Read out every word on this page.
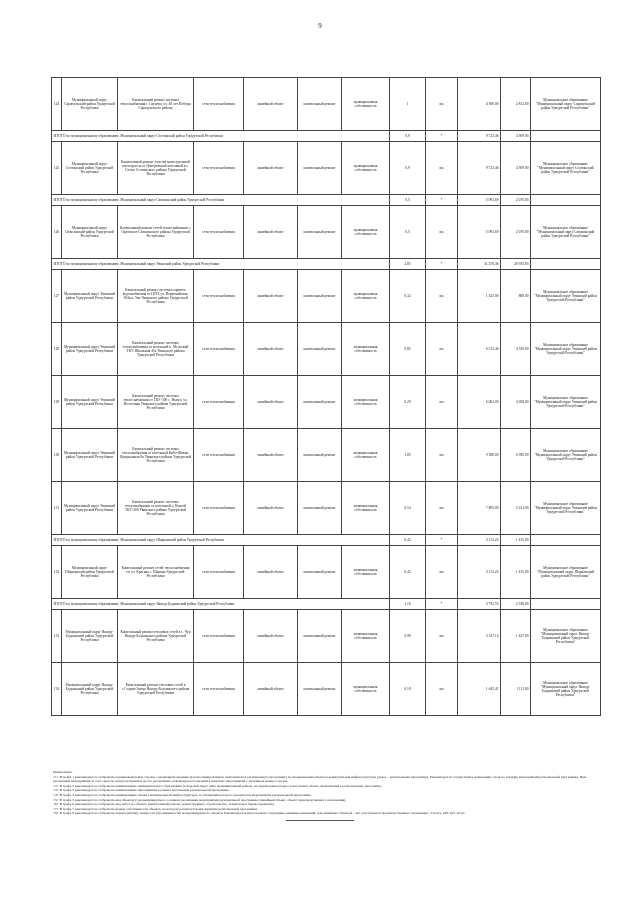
9
124	Муниципальный округ Сарапульский район Удмуртской Республики	Капитальный ремонт системы теплоснабжения г. Сигаево, ул. 40 лет Победы Сарапульского района	сети теплоснабжения	линейный объект	капитальный ремонт	муниципальная собственность	1	км	4 500,00	2 812,00	Муниципальное образование "Муниципальный округ Сарапульский район Удмуртской Республики"
ИТОГО по муниципальному образованию: Муниципальный округ Селтинский район Удмуртской Республики							0,9	*	9 723,46	4 509,00	
125	Муниципальный округ Селтинский район Удмуртской Республики	Капитальный ремонт участка магистральной теплотрассы от Центральной котельной в с. Селты Селтинского района Удмуртской Республики	сети теплоснабжения	линейный объект	капитальный ремонт	муниципальная собственность	0,9	км	9 723,46	4 509,00	Муниципальное образование "Муниципальный округ Селтинский район Удмуртской Республики"
ИТОГО по муниципальному образованию: Муниципальный округ Сюмсинский район Удмуртской Республики							0,5	*	5 093,69	2 070,00	
126	Муниципальный округ Сюмсинский район Удмуртской Республики	Капитальный ремонт сетей теплоснабжения с. Орловское Сюмсинского района Удмуртской Республики	сети теплоснабжения	линейный объект	капитальный ремонт	муниципальная собственность	0,5	км	5 093,69	2 070,00	Муниципальное образование "Муниципальный округ Сюмсинский район Удмуртской Республики"
ИТОГО по муниципальному образованию: Муниципальный округ Увинский район Удмуртской Республики							2,85	*	31 276,46	20 935,00	
127	Муниципальный округ Увинский район Удмуртской Республики	Капитальный ремонт системы горячего водоснабжения от ЦТП, ул. Первомайская, 104а п. Ува Увинского района Удмуртской Республики	сети теплоснабжения	линейный объект	капитальный ремонт	муниципальная собственность	0,32	км	1 325,00	888,00	Муниципальное образование "Муниципальный округ Увинский район Удмуртской Республики"
128	Муниципальный округ Увинский район Удмуртской Республики	Капитальный ремонт системы теплоснабжения от котельной ч. Мульский ТКУ, Школьная 45а Увинского района Удмуртской Республики	сети теплоснабжения	линейный объект	капитальный ремонт	муниципальная собственность	0,85	км	6 513,46	4 350,00	Муниципальное образование "Муниципальный округ Увинский район Удмуртской Республики"
129	Муниципальный округ Увинский район Удмуртской Республики	Капитальный ремонт системы теплоснабжения от ТКУ-300 с. Нылга, ул. Восточная Увинского района Удмуртской Республики	сети теплоснабжения	линейный объект	капитальный ремонт	муниципальная собственность	0,29	км	6 062,00	4 058,00	Муниципальное образование "Муниципальный округ Увинский район Удмуртской Республики"
130	Муниципальный округ Увинский район Удмуртской Республики	Капитальный ремонт системы теплоснабжения от котельной Кибо-Жикья, Центральная 8а Увинского района Удмуртской Республики	сети теплоснабжения	линейный объект	капитальный ремонт	муниципальная собственность	1,85	км	9 580,00	6 390,00	Муниципальное образование "Муниципальный округ Увинский район Удмуртской Республики"
131	Муниципальный округ Увинский район Удмуртской Республики	Капитальный ремонт системы теплоснабжения от котельной д. Кунгей ТКУ-200 Увинского района Удмуртской Республики	сети теплоснабжения	линейный объект	капитальный ремонт	муниципальная собственность	0,54	км	7 805,00	5 221,00	Муниципальное образование "Муниципальный округ Увинский район Удмуртской Республики"
ИТОГО по муниципальному образованию: Муниципальный округ Шарканский район Удмуртской Республики							0,45	*	2 115,24	1 415,00	
132	Муниципальный округ Шарканский район Удмуртской Республики	Капитальный ремонт сетей теплоснабжения по ул. Красная с. Шаркан Удмуртской Республики	сети теплоснабжения	линейный объект	капитальный ремонт	муниципальная собственность	0,45	км	2 115,24	1 415,00	Муниципальное образование "Муниципальный округ Шарканский район Удмуртской Республики"
ИТОГО по муниципальному образованию: Муниципальный округ Якшур-Бодьинский район Удмуртской Республики							1,16	*	3 792,55	2 538,00	
133	Муниципальный округ Якшур-Бодьинский район Удмуртской Республики	Капитальный ремонт тепловых сетей в с. Чур Якшур-Бодьинского района Удмуртской Республики	сети теплоснабжения	линейный объект	капитальный ремонт	муниципальная собственность	0,98	км	2 147,14	1 427,00	Муниципальное образование "Муниципальный округ Якшур-Бодьинский район Удмуртской Республики"
134	Муниципальный округ Якшур-Бодьинский район Удмуртской Республики	Капитальный ремонт тепловых сетей в с.Старые Зятцы Якшур-Бодьинского района Удмуртской Республики	сети теплоснабжения	линейный объект	капитальный ремонт	муниципальная собственность	0,18	км	1 645,41	1 111,00	Муниципальное образование "Муниципальный округ Якшур-Бодьинский район Удмуртской Республики"

Примечание:

<1> В графе 1 рекомендуется отображать порядковый номер строки, содержащей сведения (в консолидированном, включенном в региональную программу) по модернизации объектов коммунальной инфраструктуры (далее – региональная программа). Рекомендуется осуществлять нумерацию строк по порядку мероприятий региональной программы. При реализации мероприятия за счет средств, предусмотренных на его реализацию, рекомендуется указывать комплекс мероприятий с указанием номера строки.

<2> В графе 2 рекомендуется отображать наименование муниципального образования (городской округ либо муниципальный район), на территории которого расположен объект, включенный в региональную программу.

<3> В графе 3 рекомендуется отображать наименование мероприятия в рамках исполнения региональной программы.

<4> В графе 4 рекомендуется отображать наименование объекта коммунальной инфраструктуры, в отношении которого реализуется мероприятие региональной программы.

<5> В графе 5 рекомендуется отображать вид объекта(1) модернизируемого в рамках реализации мероприятия региональной программы (линейный объект, объект производственного назначения).

<6> В графе 6 рекомендуется отображать вид работ по объекту (капитальный ремонт, реконструкция, строительство, техническое перевооружение).

<7> В графе 7 рекомендуется отображать форму собственности объекта, на котором реализуется мероприятие региональной программы.

<8> В графе 8 рекомендуется отображать характеристику мощности (протяженности) модернизируемого объекта. Рекомендуется использовать следующие единицы измерения: для линейных объектов – км, для объектов производственного назначения – Гкал/ч, кВт, куб. м/сут.
